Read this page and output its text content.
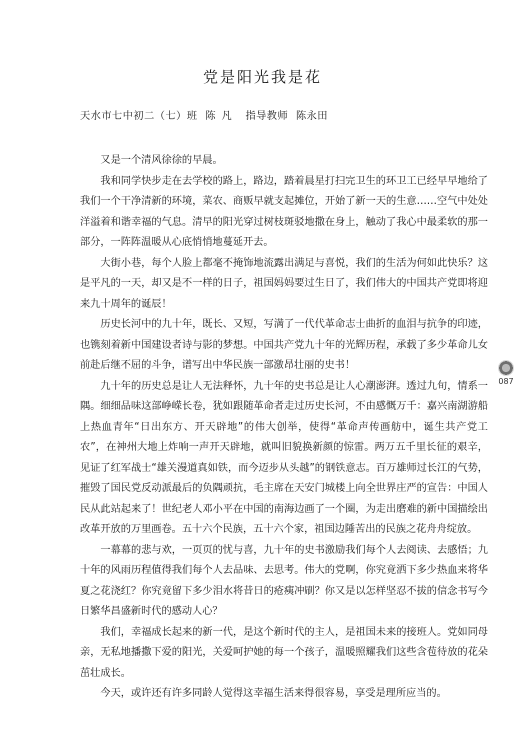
党是阳光我是花
天水市七中初二（七）班 陈凡 指导教师 陈永田

又是一个清风徐徐的早晨。

我和同学快步走在去学校的路上，路边，踏着晨星打扫完卫生的环卫工已经早早地给了我们一个干净清新的环境，菜农、商贩早就支起摊位，开始了新一天的生意……空气中处处洋溢着和谐幸福的气息。清早的阳光穿过树枝斑驳地撒在身上，触动了我心中最柔软的那一部分，一阵阵温暖从心底悄悄地蔓延开去。

大街小巷，每个人脸上都毫不掩饰地流露出满足与喜悦，我们的生活为何如此快乐？这是平凡的一天，却又是不一样的日子，祖国妈妈要过生日了，我们伟大的中国共产党即将迎来九十周年的诞辰！

历史长河中的九十年，既长、又短，写满了一代代革命志士曲折的血泪与抗争的印迹，也镌刻着新中国建设者诗与影的梦想。中国共产党九十年的光辉历程，承载了多少革命儿女前赴后继不屈的斗争，谱写出中华民族一部激昂壮丽的史书！

九十年的历史总是让人无法释怀，九十年的史书总是让人心潮澎湃。透过九旬，情系一隅。细细品味这部峥嵘长卷，犹如跟随革命者走过历史长河，不由感慨万千：嘉兴南湖游船上热血青年“日出东方、开天辟地”的伟大创举，使得“革命声传画舫中，诞生共产党工农”，在神州大地上炸响一声开天辟地，就叫旧貌换新颜的惊雷。两万五千里长征的艰辛，见证了红军战士“雄关漫道真如铁，而今迈步从头越”的钢铁意志。百万雄师过长江的气势，摧毁了国民党反动派最后的负隅顽抗，毛主席在天安门城楼上向全世界庄严的宣告：中国人民从此站起来了！世纪老人邓小平在中国的南海边画了一个圈，为走出磨难的新中国描绘出改革开放的万里画卷。五十六个民族，五十六个家，祖国边陲苦出的民族之花舟舟绽放。

一幕幕的悲与欢，一页页的忧与喜，九十年的史书激励我们每个人去阅读、去感悟；九十年的风雨历程值得我们每个人去品味、去思考。伟大的党啊，你究竟洒下多少热血来将华夏之花浇红？你究竟留下多少泪水将昔日的疮痍冲刷？你又是以怎样坚忍不拔的信念书写今日繁华昌盛新时代的感动人心？

我们，幸福成长起来的新一代，是这个新时代的主人，是祖国未来的接班人。党如同母亲，无私地播撒下爱的阳光，关爱呵护她的每一个孩子，温暖照耀我们这些含苞待放的花朵茁壮成长。

今天，或许还有许多同龄人觉得这幸福生活来得很容易，享受是理所应当的。

087
